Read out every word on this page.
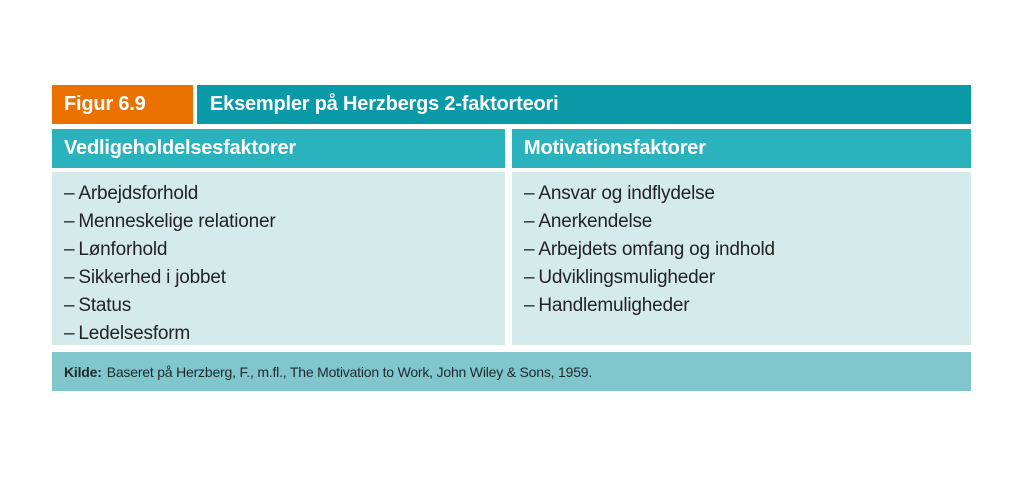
Figur 6.9	Eksempler på Herzbergs 2-faktorteori
Vedligeholdelsesfaktorer	Motivationsfaktorer
– Arbejdsforhold
– Menneskelige relationer
– Lønforhold
– Sikkerhed i jobbet
– Status
– Ledelsesform
– Ansvar og indflydelse
– Anerkendelse
– Arbejdets omfang og indhold
– Udviklingsmuligheder
– Handlemuligheder
Kilde: Baseret på Herzberg, F., m.fl., The Motivation to Work, John Wiley & Sons, 1959.
